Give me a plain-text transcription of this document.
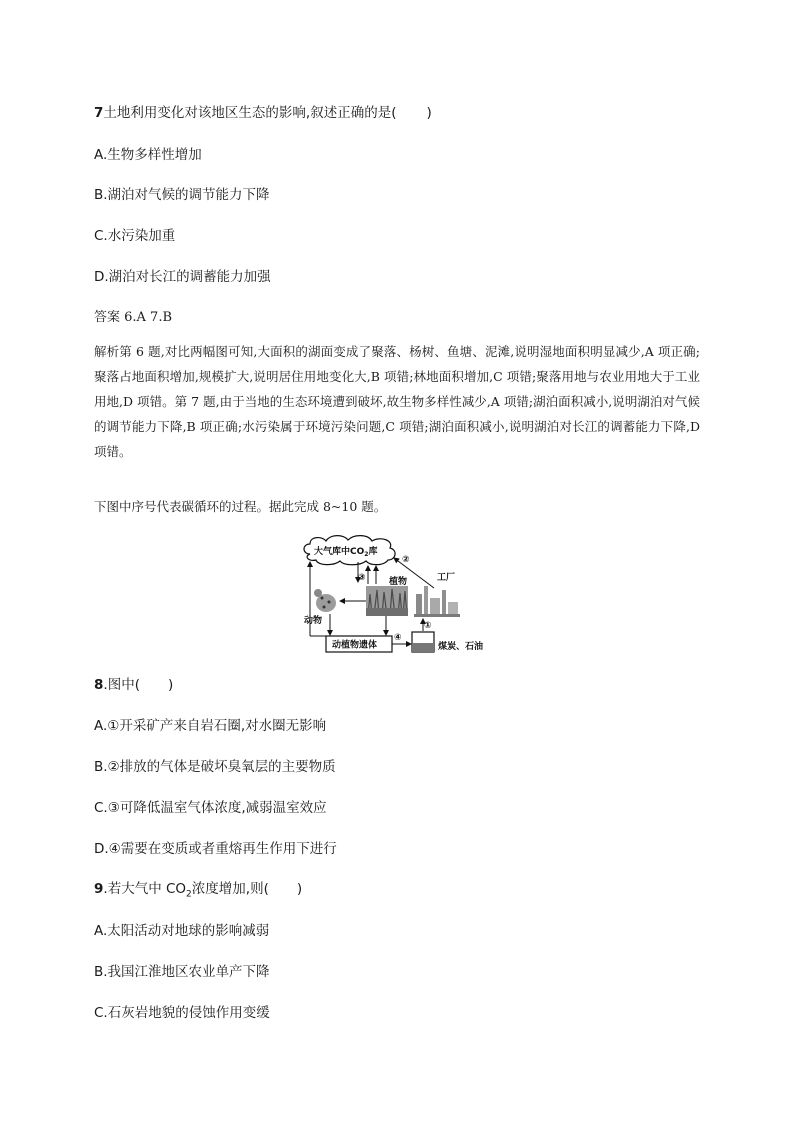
7土地利用变化对该地区生态的影响,叙述正确的是( )
A.生物多样性增加
B.湖泊对气候的调节能力下降
C.水污染加重
D.湖泊对长江的调蓄能力加强
答案 6.A 7.B
解析第 6 题,对比两幅图可知,大面积的湖面变成了聚落、杨树、鱼塘、泥滩,说明湿地面积明显减少,A 项正确;聚落占地面积增加,规模扩大,说明居住用地变化大,B 项错;林地面积增加,C 项错;聚落用地与农业用地大于工业用地,D 项错。第 7 题,由于当地的生态环境遭到破坏,故生物多样性减少,A 项错;湖泊面积减小,说明湖泊对气候的调节能力下降,B 项正确;水污染属于环境污染问题,C 项错;湖泊面积减小,说明湖泊对长江的调蓄能力下降,D 项错。
下图中序号代表碳循环的过程。据此完成 8~10 题。
大气库中$CO_2$库
植物	工厂
动物
动植物遗体	煤炭、石油
③
②
①
④
8.图中( )
A.①开采矿产来自岩石圈,对水圈无影响
B.②排放的气体是破坏臭氧层的主要物质
C.③可降低温室气体浓度,减弱温室效应
D.④需要在变质或者重熔再生作用下进行
9.若大气中 $CO_2$浓度增加,则( )
A.太阳活动对地球的影响减弱
B.我国江淮地区农业单产下降
C.石灰岩地貌的侵蚀作用变缓
